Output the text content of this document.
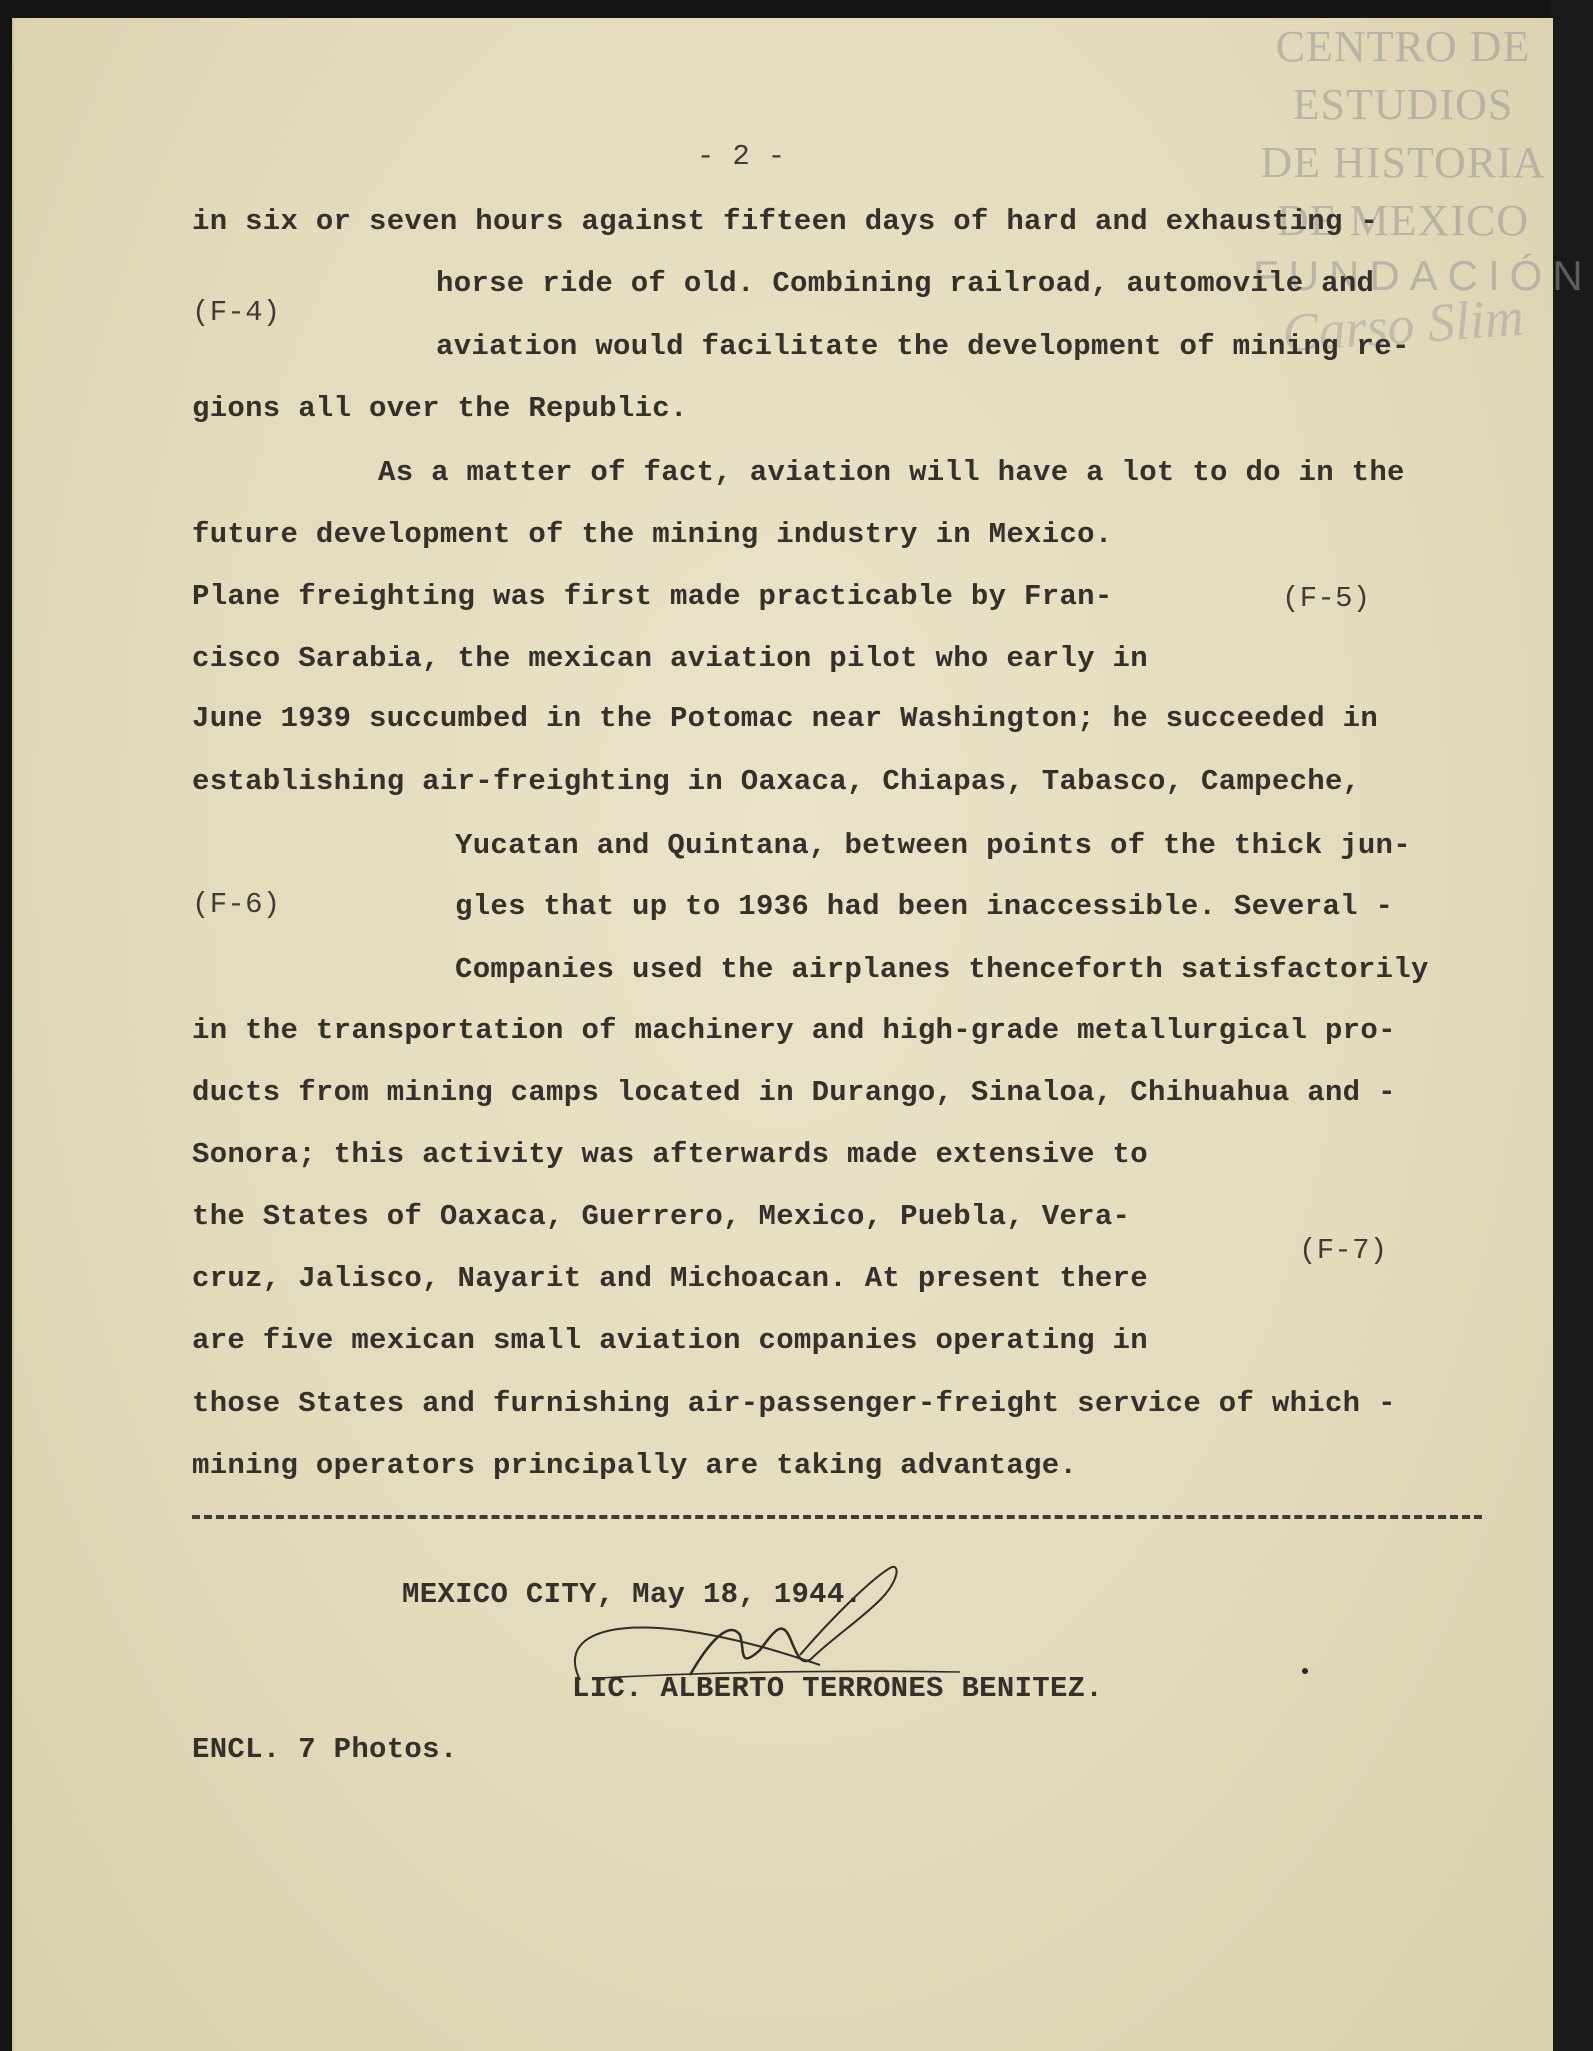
CENTRO DE
ESTUDIOS
DE HISTORIA
DE MEXICO
FUNDACIÓN
Carso Slim
- 2 -
in six or seven hours against fifteen days of hard and exhausting -
(F-4)
horse ride of old. Combining railroad, automovile and
aviation would facilitate the development of mining re-
gions all over the Republic.
As a matter of fact, aviation will have a lot to do in the
future development of the mining industry in Mexico.
Plane freighting was first made practicable by Fran-	(F-5)
cisco Sarabia, the mexican aviation pilot who early in
June 1939 succumbed in the Potomac near Washington; he succeeded in
establishing air-freighting in Oaxaca, Chiapas, Tabasco, Campeche,
Yucatan and Quintana, between points of the thick jun-
(F-6)	gles that up to 1936 had been inaccessible. Several -
Companies used the airplanes thenceforth satisfactorily
in the transportation of machinery and high-grade metallurgical pro-
ducts from mining camps located in Durango, Sinaloa, Chihuahua and -
Sonora; this activity was afterwards made extensive to
the States of Oaxaca, Guerrero, Mexico, Puebla, Vera-
(F-7)
cruz, Jalisco, Nayarit and Michoacan. At present there
are five mexican small aviation companies operating in
those States and furnishing air-passenger-freight service of which -
mining operators principally are taking advantage.
MEXICO CITY, May 18, 1944.
LIC. ALBERTO TERRONES BENITEZ.
ENCL. 7 Photos.
